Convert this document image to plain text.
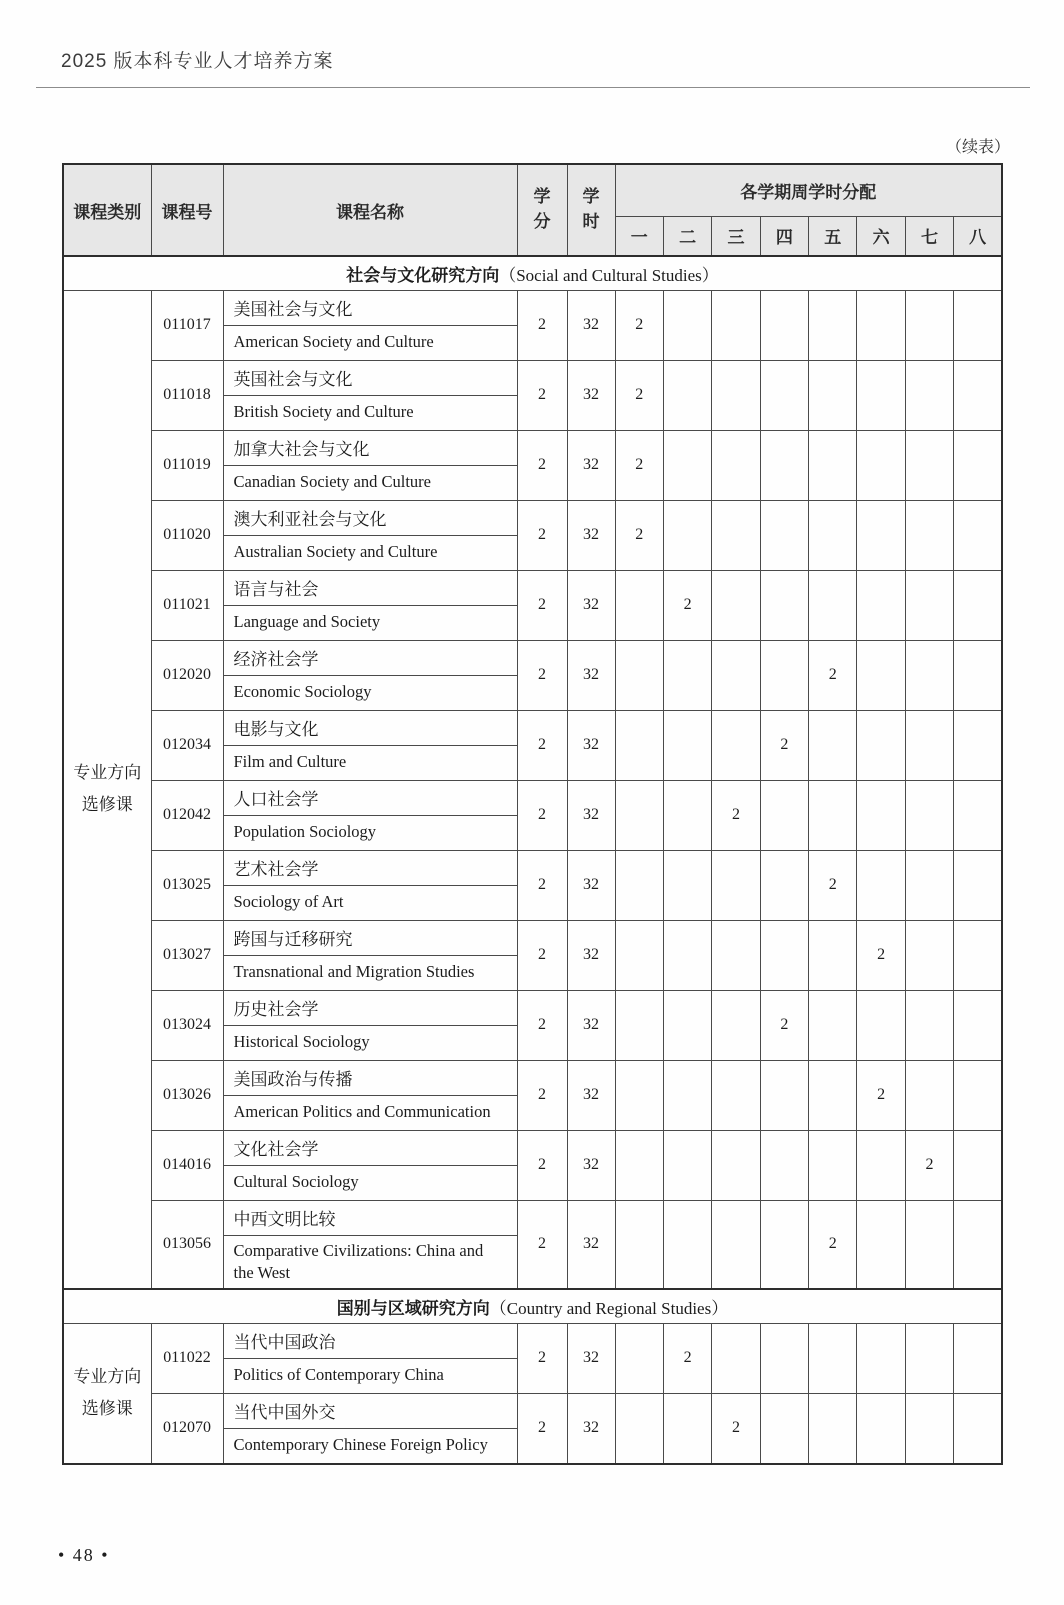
2025 版本科专业人才培养方案
（续表）
课程类别	课程号	课程名称	学分	学时	各学期周学时分配							
					一	二	三	四	五	六	七	八
社会与文化研究方向（Social and Cultural Studies）												
专业方向选修课	011017	美国社会与文化
American Society and Culture	2	32	2							
	011018	英国社会与文化
British Society and Culture	2	32	2							
	011019	加拿大社会与文化
Canadian Society and Culture	2	32	2							
	011020	澳大利亚社会与文化
Australian Society and Culture	2	32	2							
	011021	语言与社会
Language and Society	2	32		2						
	012020	经济社会学
Economic Sociology	2	32					2			
	012034	电影与文化
Film and Culture	2	32				2				
	012042	人口社会学
Population Sociology	2	32			2					
	013025	艺术社会学
Sociology of Art	2	32					2			
	013027	跨国与迁移研究
Transnational and Migration Studies	2	32						2		
	013024	历史社会学
Historical Sociology	2	32				2				
	013026	美国政治与传播
American Politics and Communication	2	32						2		
	014016	文化社会学
Cultural Sociology	2	32							2	
	013056	中西文明比较
Comparative Civilizations: China and the West	2	32					2			
国别与区域研究方向（Country and Regional Studies）												
专业方向选修课	011022	当代中国政治
Politics of Contemporary China	2	32		2						
	012070	当代中国外交
Contemporary Chinese Foreign Policy	2	32			2					
• 48 •
